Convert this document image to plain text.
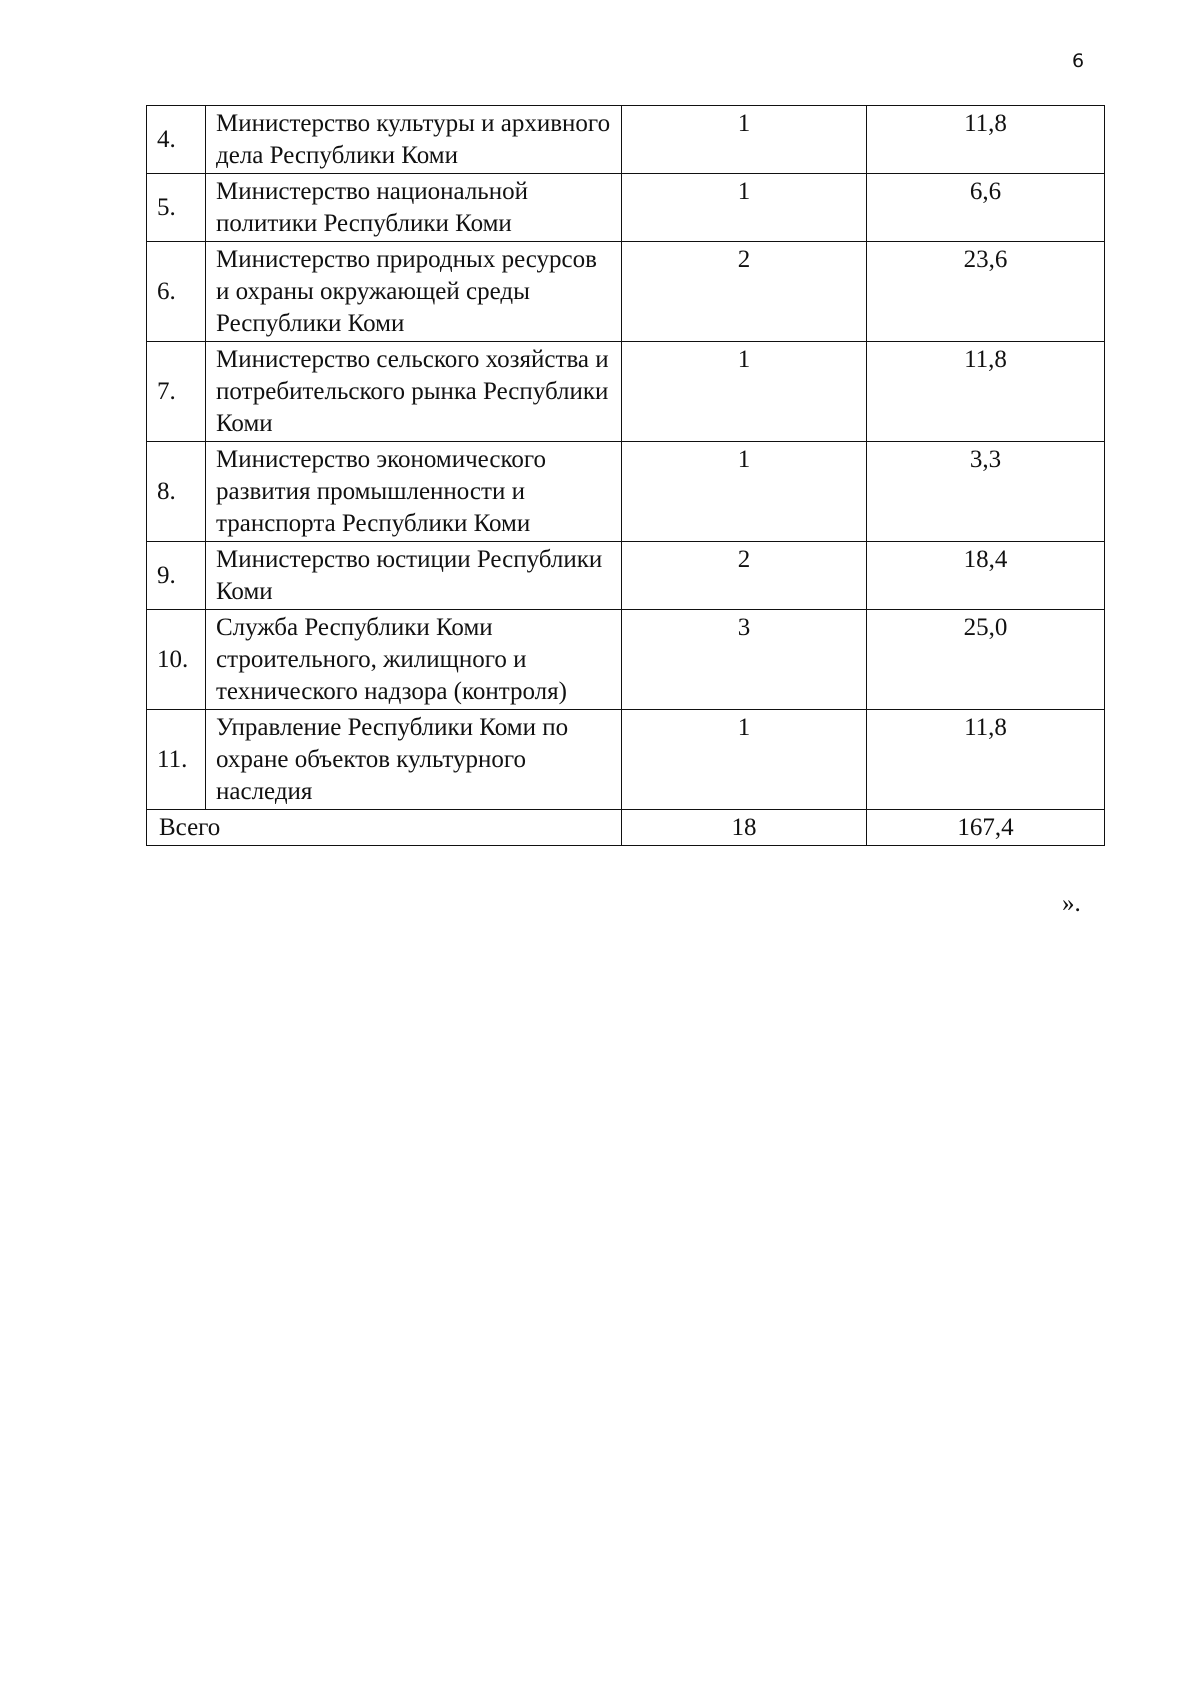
6
4.	Министерство культуры и архивного дела Республики Коми	1	11,8
5.	Министерство национальной политики Республики Коми	1	6,6
6.	Министерство природных ресурсов и охраны окружающей среды Республики Коми	2	23,6
7.	Министерство сельского хозяйства и потребительского рынка Республики Коми	1	11,8
8.	Министерство экономического развития промышленности и транспорта Республики Коми	1	3,3
9.	Министерство юстиции Республики Коми	2	18,4
10.	Служба Республики Коми строительного, жилищного и технического надзора (контроля)	3	25,0
11.	Управление Республики Коми по охране объектов культурного наследия	1	11,8
Всего		18	167,4
».
